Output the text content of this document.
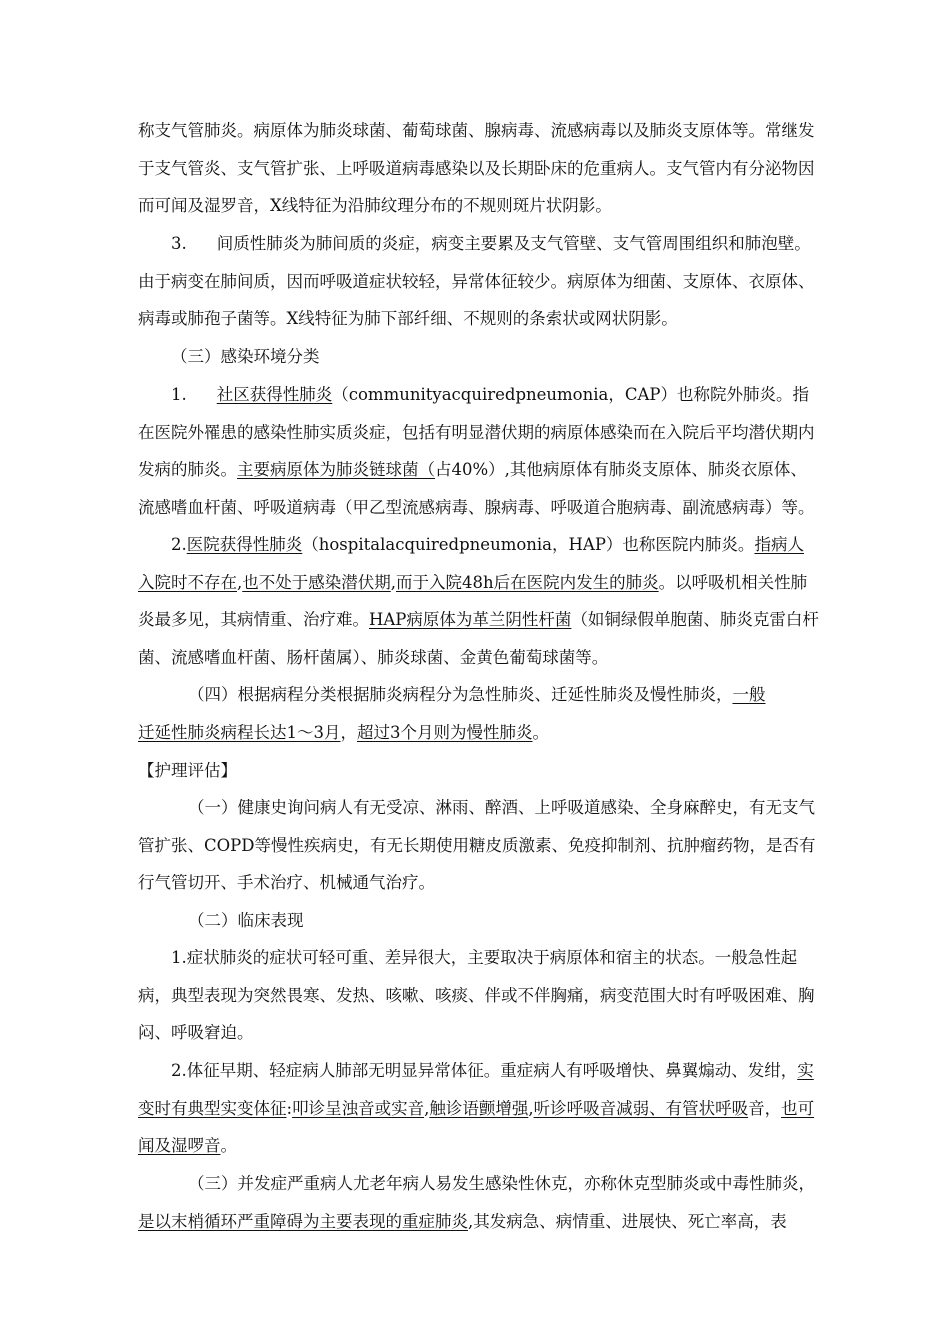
称支气管肺炎。病原体为肺炎球菌、葡萄球菌、腺病毒、流感病毒以及肺炎支原体等。常继发于支气管炎、支气管扩张、上呼吸道病毒感染以及长期卧床的危重病人。支气管内有分泌物因而可闻及湿罗音，X线特征为沿肺纹理分布的不规则斑片状阴影。

3. 间质性肺炎为肺间质的炎症，病变主要累及支气管壁、支气管周围组织和肺泡壁。由于病变在肺间质，因而呼吸道症状较轻，异常体征较少。病原体为细菌、支原体、衣原体、病毒或肺孢子菌等。X线特征为肺下部纤细、不规则的条索状或网状阴影。

（三）感染环境分类

1. 社区获得性肺炎（communityacquiredpneumonia，CAP）也称院外肺炎。指在医院外罹患的感染性肺实质炎症，包括有明显潜伏期的病原体感染而在入院后平均潜伏期内发病的肺炎。主要病原体为肺炎链球菌（占40%）,其他病原体有肺炎支原体、肺炎衣原体、流感嗜血杆菌、呼吸道病毒（甲乙型流感病毒、腺病毒、呼吸道合胞病毒、副流感病毒）等。

2.医院获得性肺炎（hospitalacquiredpneumonia，HAP）也称医院内肺炎。指病人入院时不存在,也不处于感染潜伏期,而于入院48h后在医院内发生的肺炎。以呼吸机相关性肺炎最多见，其病情重、治疗难。HAP病原体为革兰阴性杆菌（如铜绿假单胞菌、肺炎克雷白杆菌、流感嗜血杆菌、肠杆菌属）、肺炎球菌、金黄色葡萄球菌等。

（四）根据病程分类根据肺炎病程分为急性肺炎、迁延性肺炎及慢性肺炎，一般
迁延性肺炎病程长达1～3月，超过3个月则为慢性肺炎。

【护理评估】

（一）健康史询问病人有无受凉、淋雨、醉酒、上呼吸道感染、全身麻醉史，有无支气管扩张、COPD等慢性疾病史，有无长期使用糖皮质激素、免疫抑制剂、抗肿瘤药物，是否有行气管切开、手术治疗、机械通气治疗。

（二）临床表现

1.症状肺炎的症状可轻可重、差异很大，主要取决于病原体和宿主的状态。一般急性起病，典型表现为突然畏寒、发热、咳嗽、咳痰、伴或不伴胸痛，病变范围大时有呼吸困难、胸闷、呼吸窘迫。

2.体征早期、轻症病人肺部无明显异常体征。重症病人有呼吸增快、鼻翼煽动、发绀，实变时有典型实变体征:叩诊呈浊音或实音,触诊语颤增强,听诊呼吸音减弱、有管状呼吸音，也可闻及湿啰音。

（三）并发症严重病人尤老年病人易发生感染性休克，亦称休克型肺炎或中毒性肺炎，是以末梢循环严重障碍为主要表现的重症肺炎,其发病急、病情重、进展快、死亡率高，表
